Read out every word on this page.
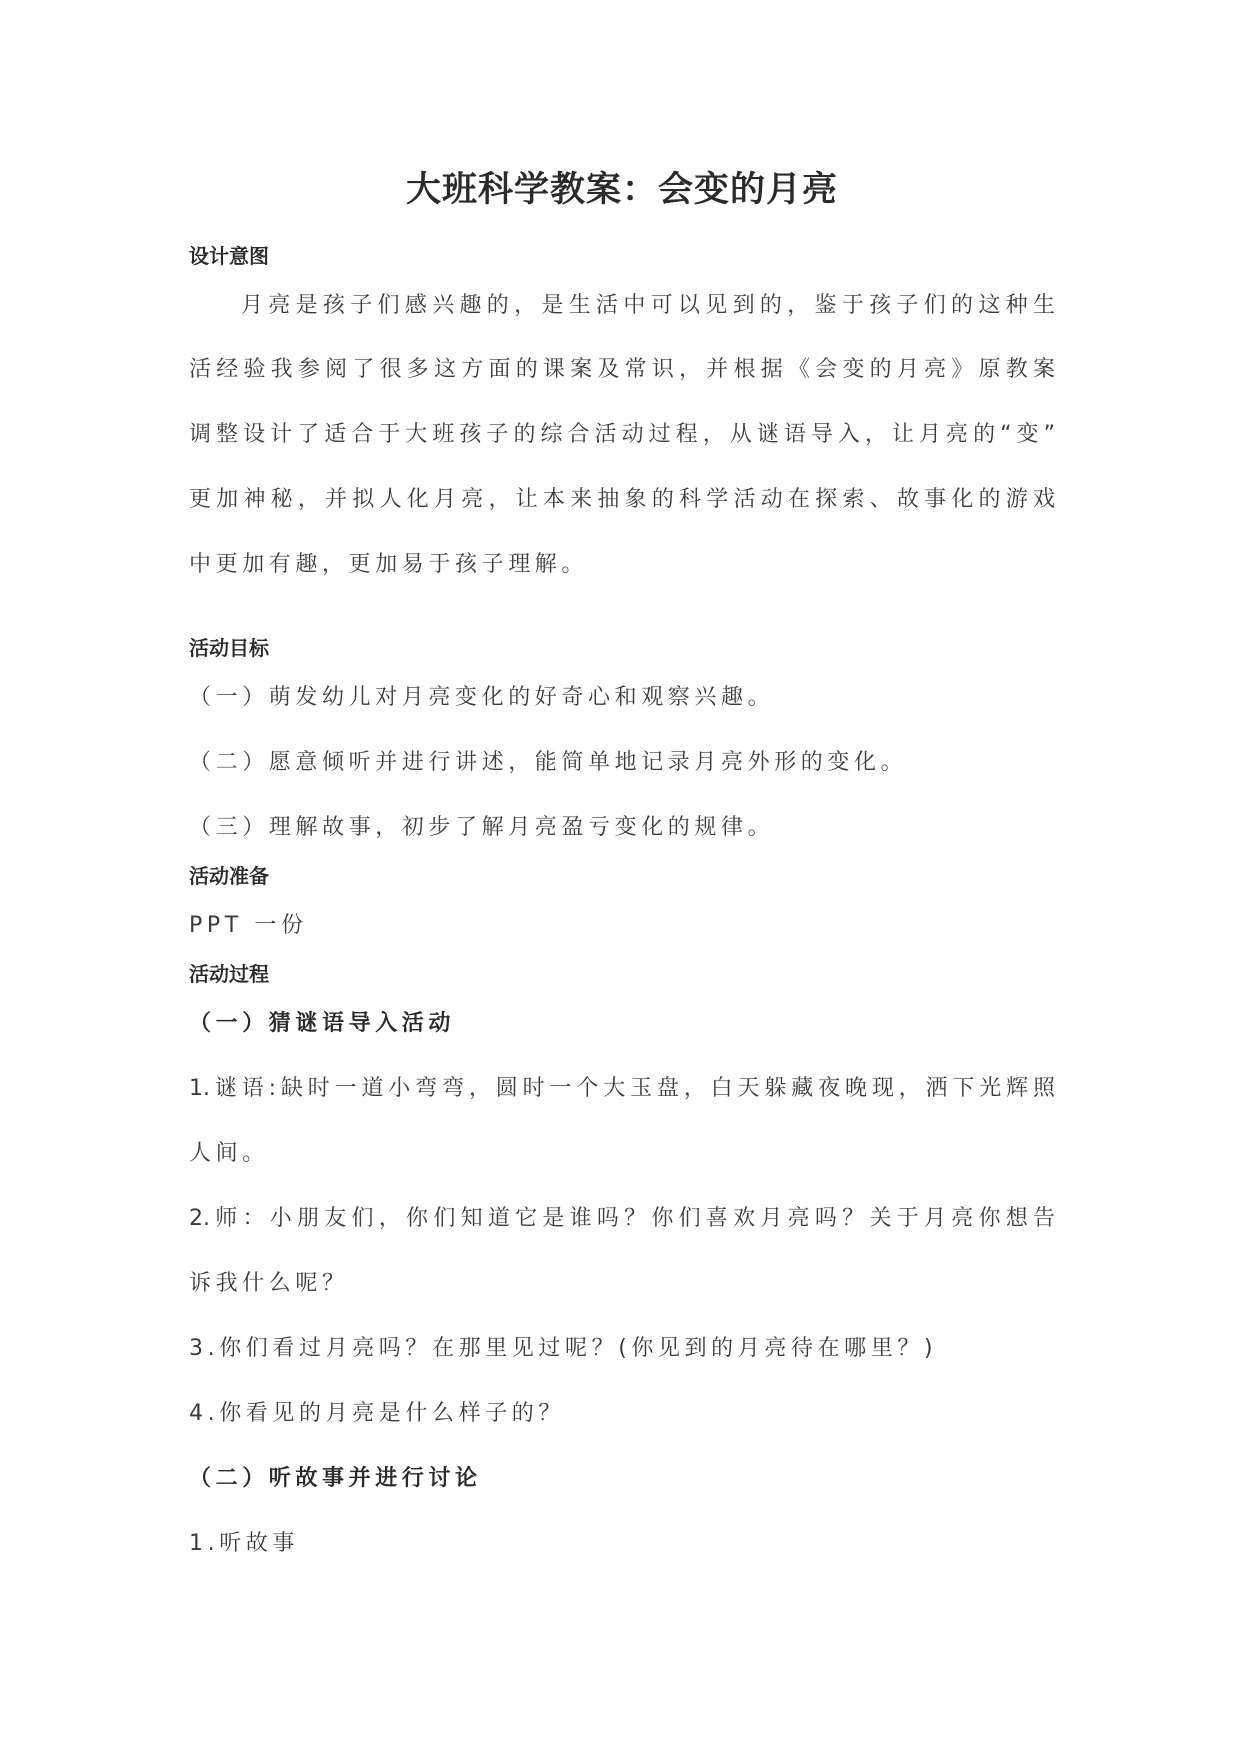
大班科学教案：会变的月亮
设计意图
月亮是孩子们感兴趣的，是生活中可以见到的，鉴于孩子们的这种生
活经验我参阅了很多这方面的课案及常识，并根据《会变的月亮》原教案
调整设计了适合于大班孩子的综合活动过程，从谜语导入，让月亮的“变”
更加神秘，并拟人化月亮，让本来抽象的科学活动在探索、故事化的游戏
中更加有趣，更加易于孩子理解。
活动目标
（一）萌发幼儿对月亮变化的好奇心和观察兴趣。
（二）愿意倾听并进行讲述，能简单地记录月亮外形的变化。
（三）理解故事，初步了解月亮盈亏变化的规律。
活动准备
PPT 一份
活动过程
（一）猜谜语导入活动
1.谜语:缺时一道小弯弯，圆时一个大玉盘，白天躲藏夜晚现，洒下光辉照
人间。
2.师：小朋友们，你们知道它是谁吗？你们喜欢月亮吗？关于月亮你想告
诉我什么呢？
3.你们看过月亮吗？在那里见过呢？(你见到的月亮待在哪里？)
4.你看见的月亮是什么样子的？
（二）听故事并进行讨论
1.听故事
